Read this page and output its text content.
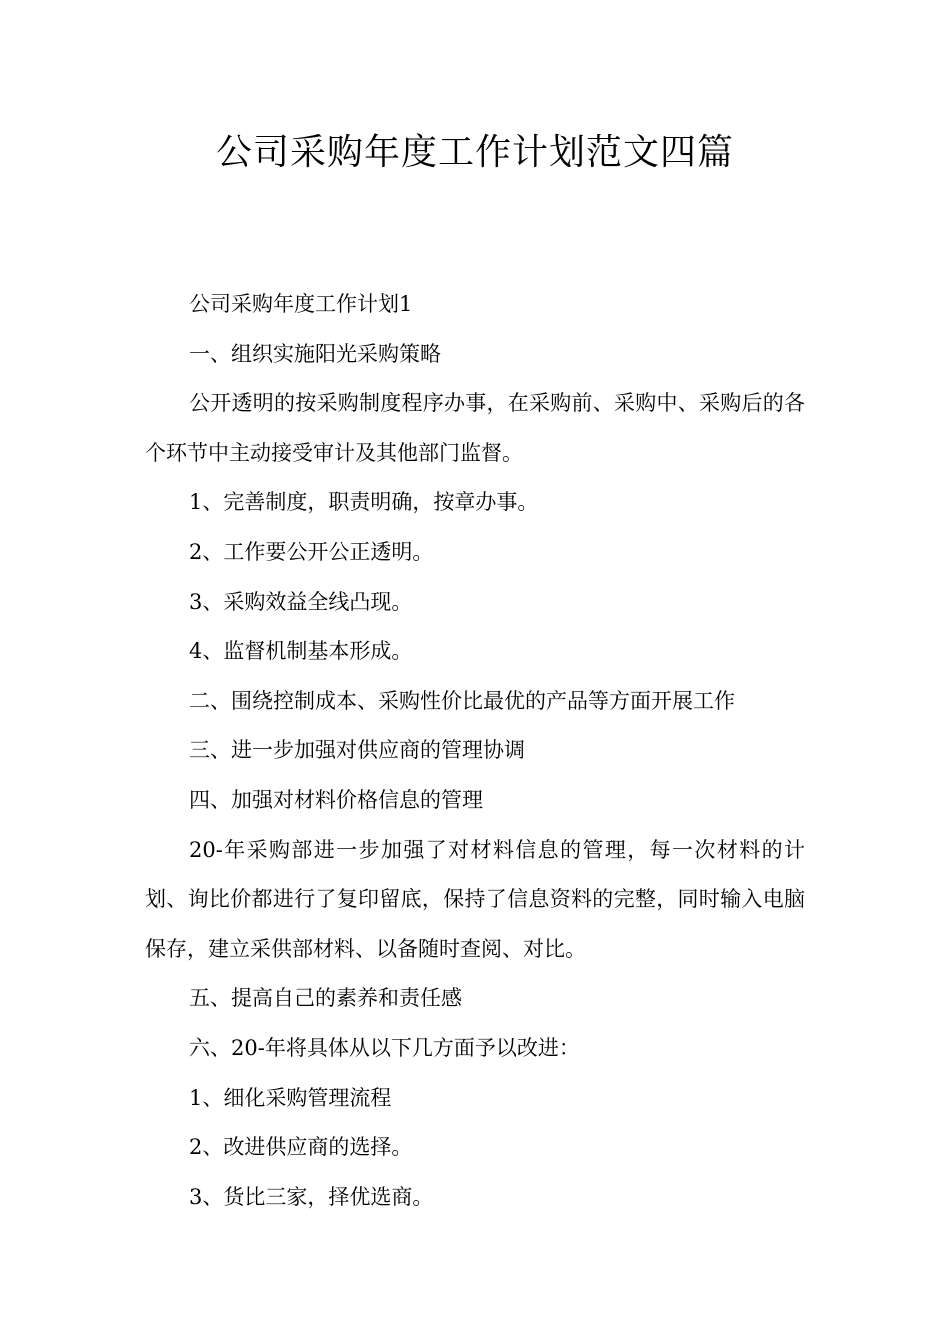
公司采购年度工作计划范文四篇

公司采购年度工作计划1

一、组织实施阳光采购策略

公开透明的按采购制度程序办事，在采购前、采购中、采购后的各个环节中主动接受审计及其他部门监督。

1、完善制度，职责明确，按章办事。

2、工作要公开公正透明。

3、采购效益全线凸现。

4、监督机制基本形成。

二、围绕控制成本、采购性价比最优的产品等方面开展工作

三、进一步加强对供应商的管理协调

四、加强对材料价格信息的管理

20-年采购部进一步加强了对材料信息的管理，每一次材料的计划、询比价都进行了复印留底，保持了信息资料的完整，同时输入电脑保存，建立采供部材料、以备随时查阅、对比。

五、提高自己的素养和责任感

六、20-年将具体从以下几方面予以改进：

1、细化采购管理流程

2、改进供应商的选择。

3、货比三家，择优选商。
